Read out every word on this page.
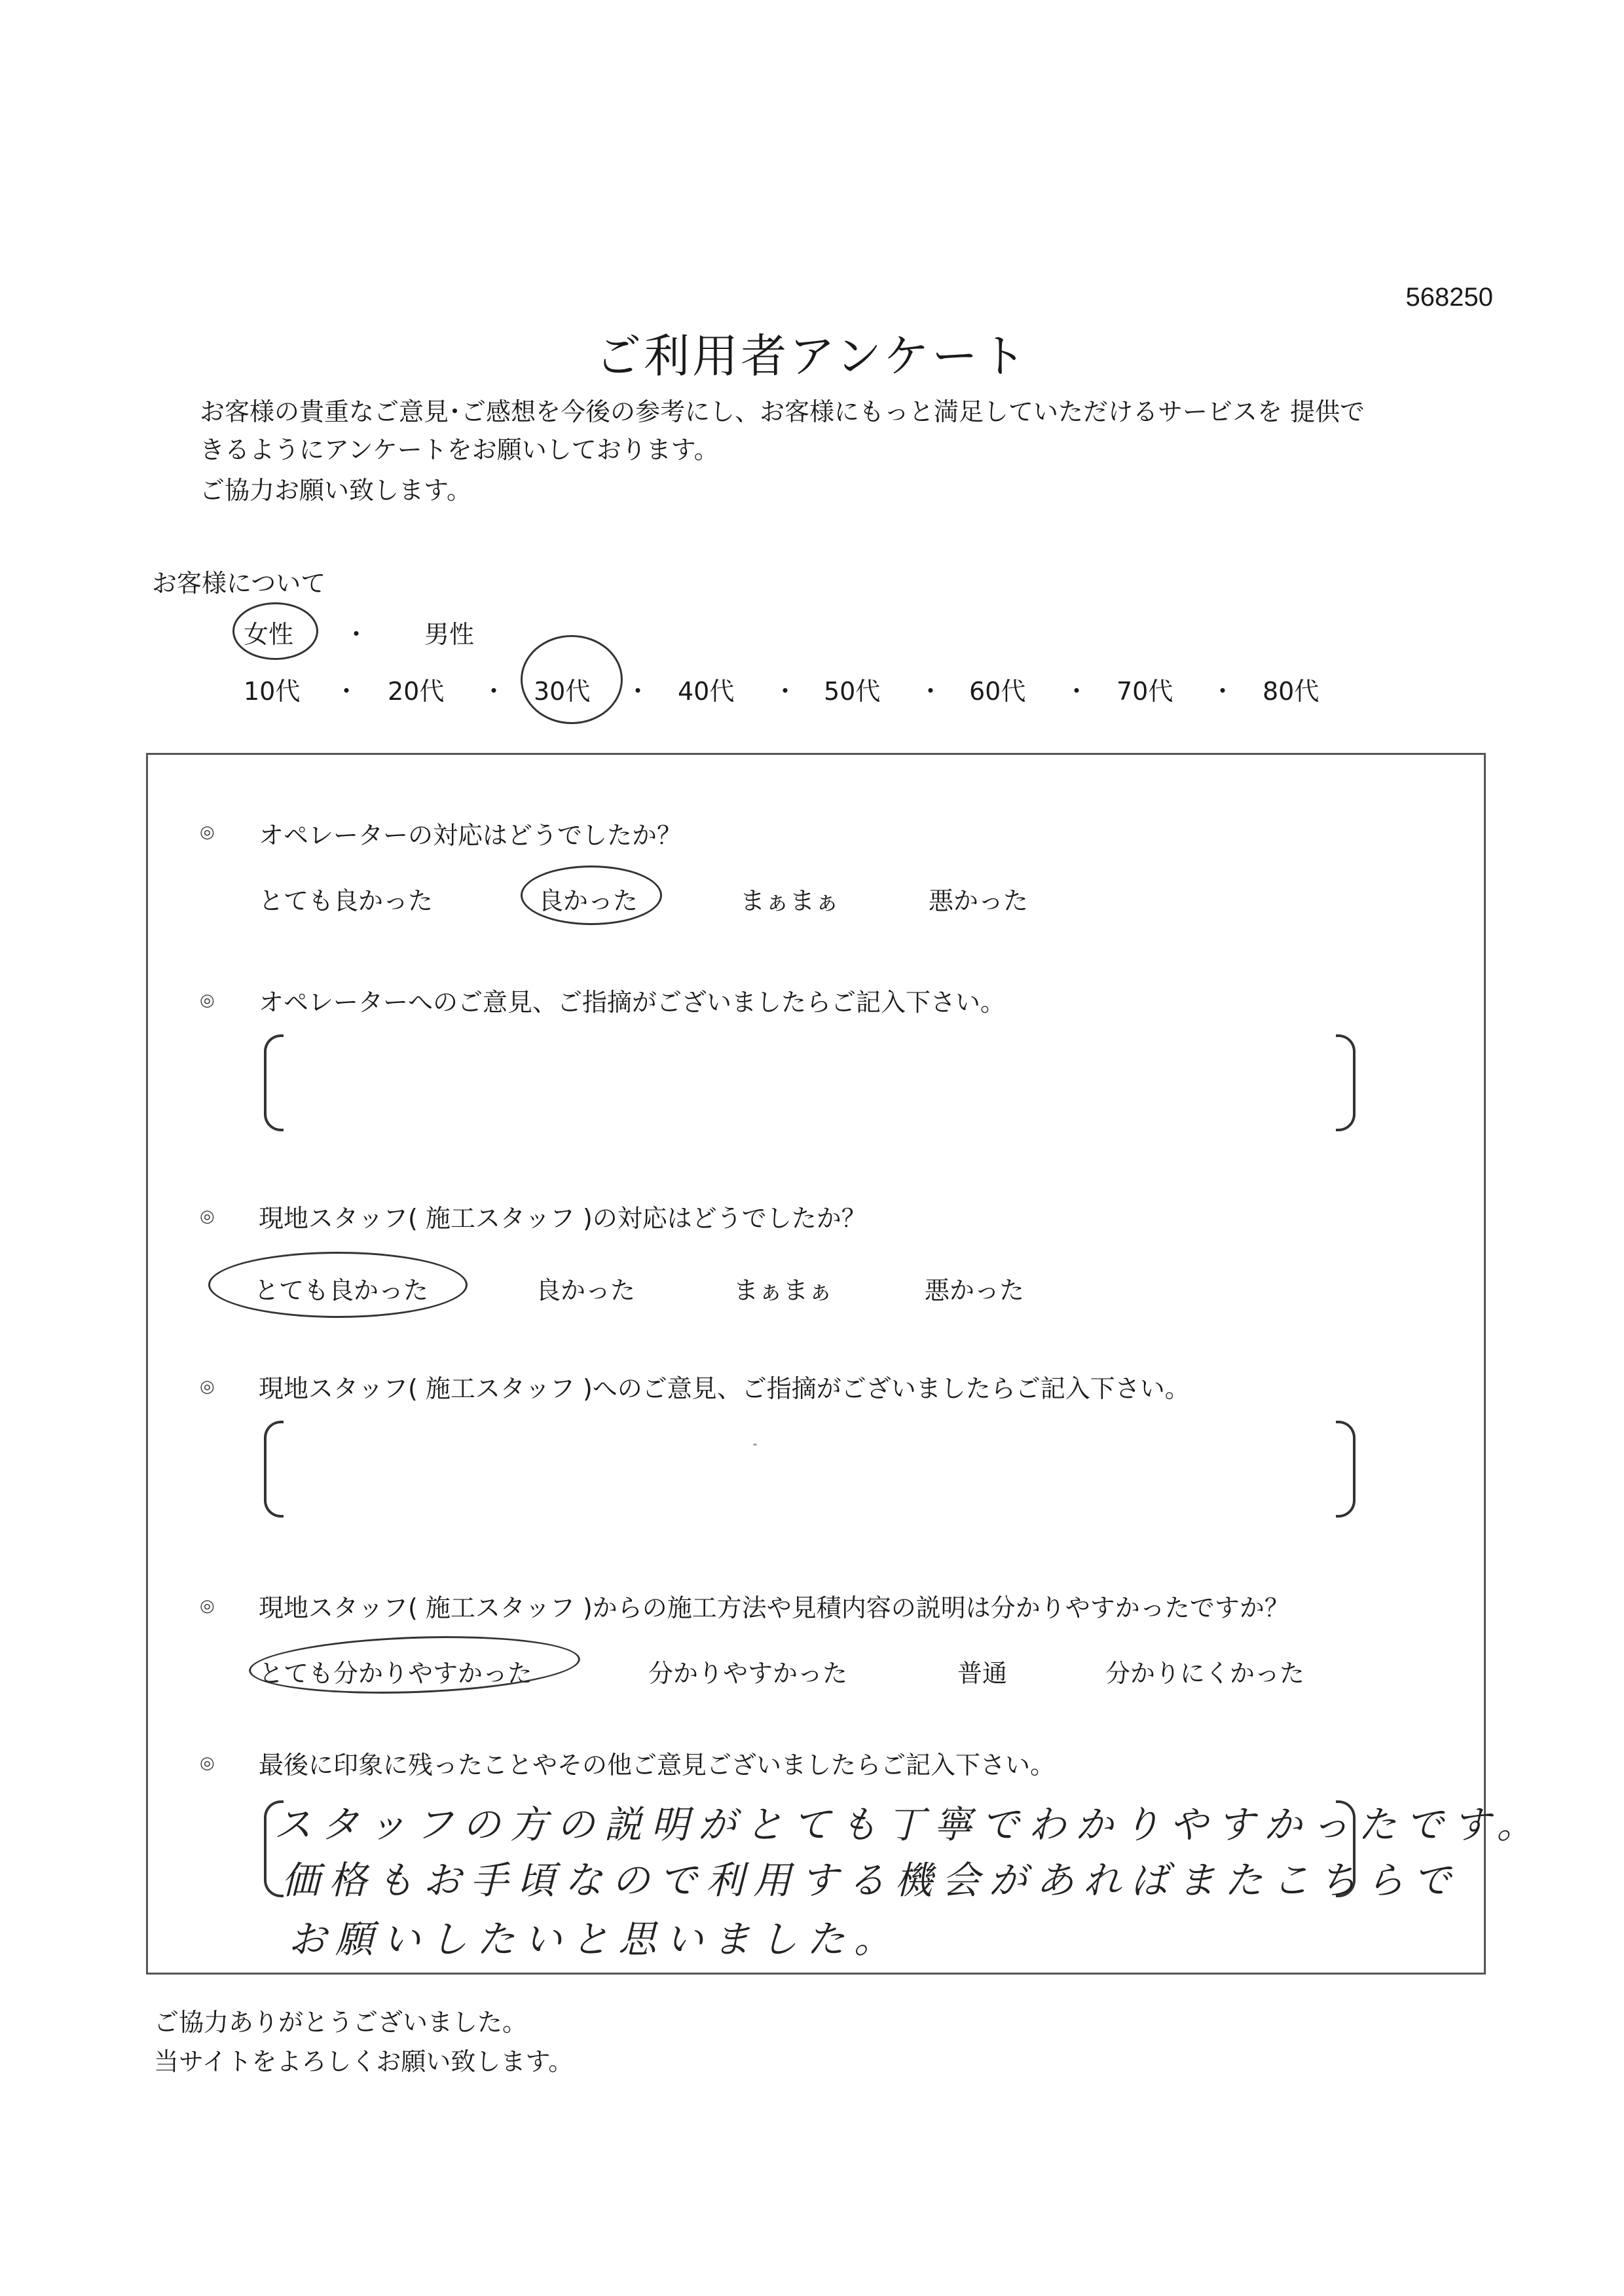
568250
ご利用者アンケート
お客様の貴重なご意見･ご感想を今後の参考にし、お客様にもっと満足していただけるサービスを 提供で
きるようにアンケートをお願いしております。
ご協力お願い致します。
お客様について
女性 ・ 男性
10代 ・ 20代 ・ 30代 ・ 40代 ・ 50代 ・ 60代 ・ 70代 ・ 80代
◎ オペレーターの対応はどうでしたか？
とても良かった	良かった	まぁまぁ	悪かった
◎ オペレーターへのご意見、ご指摘がございましたらご記入下さい。
◎ 現地スタッフ( 施工スタッフ )の対応はどうでしたか？
とても良かった	良かった	まぁまぁ	悪かった
◎ 現地スタッフ( 施工スタッフ )へのご意見、ご指摘がございましたらご記入下さい。
◎ 現地スタッフ( 施工スタッフ )からの施工方法や見積内容の説明は分かりやすかったですか？
とても分かりやすかった	分かりやすかった	普通	分かりにくかった
◎ 最後に印象に残ったことやその他ご意見ございましたらご記入下さい。
スタッフの方の説明がとても丁寧でわかりやすかったです。
価格もお手頃なので利用する機会があればまたこちらで
お願いしたいと思いました。
ご協力ありがとうございました。
当サイトをよろしくお願い致します。
